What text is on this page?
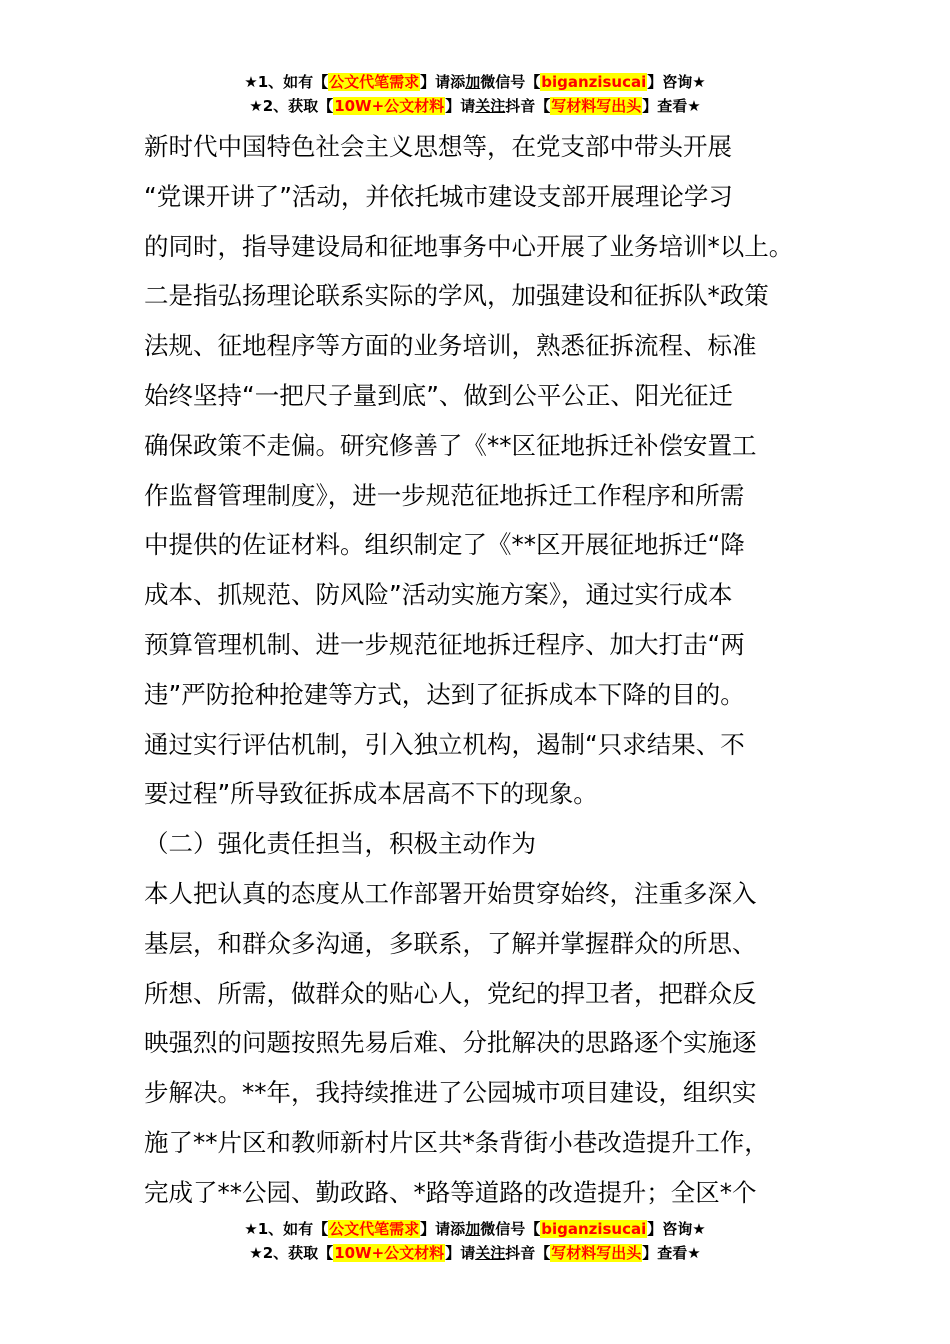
★1、如有【公文代笔需求】请添加微信号【biganzisucai】咨询★
★2、获取【10W+公文材料】请关注抖音【写材料写出头】查看★
新时代中国特色社会主义思想等，在党支部中带头开展
“党课开讲了”活动，并依托城市建设支部开展理论学习
的同时，指导建设局和征地事务中心开展了业务培训*以上。
二是指弘扬理论联系实际的学风，加强建设和征拆队*政策
法规、征地程序等方面的业务培训，熟悉征拆流程、标准
始终坚持“一把尺子量到底”、做到公平公正、阳光征迁
确保政策不走偏。研究修善了《**区征地拆迁补偿安置工
作监督管理制度》，进一步规范征地拆迁工作程序和所需
中提供的佐证材料。组织制定了《**区开展征地拆迁“降
成本、抓规范、防风险”活动实施方案》，通过实行成本
预算管理机制、进一步规范征地拆迁程序、加大打击“两
违”严防抢种抢建等方式，达到了征拆成本下降的目的。
通过实行评估机制，引入独立机构，遏制“只求结果、不
要过程”所导致征拆成本居高不下的现象。
（二）强化责任担当，积极主动作为
本人把认真的态度从工作部署开始贯穿始终，注重多深入
基层，和群众多沟通，多联系，了解并掌握群众的所思、
所想、所需，做群众的贴心人，党纪的捍卫者，把群众反
映强烈的问题按照先易后难、分批解决的思路逐个实施逐
步解决。**年，我持续推进了公园城市项目建设，组织实
施了**片区和教师新村片区共*条背街小巷改造提升工作，
完成了**公园、勤政路、*路等道路的改造提升；全区*个
★1、如有【公文代笔需求】请添加微信号【biganzisucai】咨询★
★2、获取【10W+公文材料】请关注抖音【写材料写出头】查看★
